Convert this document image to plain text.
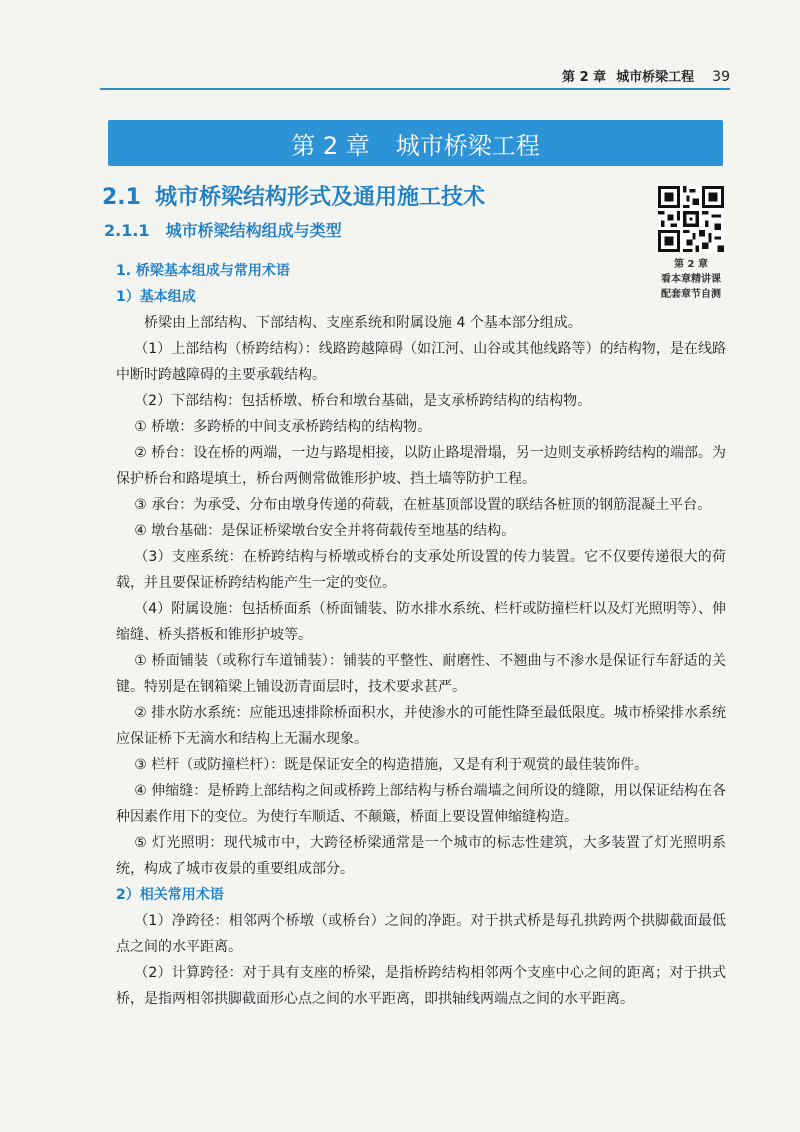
第 2 章 城市桥梁工程 39
第 2 章 城市桥梁工程
2.1 城市桥梁结构形式及通用施工技术
2.1.1 城市桥梁结构组成与类型
第 2 章
看本章精讲课
配套章节自测
1. 桥梁基本组成与常用术语
1）基本组成

桥梁由上部结构、下部结构、支座系统和附属设施 4 个基本部分组成。

（1）上部结构（桥跨结构）：线路跨越障碍（如江河、山谷或其他线路等）的结构物，是在线路中断时跨越障碍的主要承载结构。

（2）下部结构：包括桥墩、桥台和墩台基础，是支承桥跨结构的结构物。

① 桥墩：多跨桥的中间支承桥跨结构的结构物。

② 桥台：设在桥的两端，一边与路堤相接，以防止路堤滑塌，另一边则支承桥跨结构的端部。为保护桥台和路堤填土，桥台两侧常做锥形护坡、挡土墙等防护工程。

③ 承台：为承受、分布由墩身传递的荷载，在桩基顶部设置的联结各桩顶的钢筋混凝土平台。

④ 墩台基础：是保证桥梁墩台安全并将荷载传至地基的结构。

（3）支座系统：在桥跨结构与桥墩或桥台的支承处所设置的传力装置。它不仅要传递很大的荷载，并且要保证桥跨结构能产生一定的变位。

（4）附属设施：包括桥面系（桥面铺装、防水排水系统、栏杆或防撞栏杆以及灯光照明等）、伸缩缝、桥头搭板和锥形护坡等。

① 桥面铺装（或称行车道铺装）：铺装的平整性、耐磨性、不翘曲与不渗水是保证行车舒适的关键。特别是在钢箱梁上铺设沥青面层时，技术要求甚严。

② 排水防水系统：应能迅速排除桥面积水，并使渗水的可能性降至最低限度。城市桥梁排水系统应保证桥下无滴水和结构上无漏水现象。

③ 栏杆（或防撞栏杆）：既是保证安全的构造措施，又是有利于观赏的最佳装饰件。

④ 伸缩缝：是桥跨上部结构之间或桥跨上部结构与桥台端墙之间所设的缝隙，用以保证结构在各种因素作用下的变位。为使行车顺适、不颠簸，桥面上要设置伸缩缝构造。

⑤ 灯光照明：现代城市中，大跨径桥梁通常是一个城市的标志性建筑，大多装置了灯光照明系统，构成了城市夜景的重要组成部分。

2）相关常用术语

（1）净跨径：相邻两个桥墩（或桥台）之间的净距。对于拱式桥是每孔拱跨两个拱脚截面最低点之间的水平距离。

（2）计算跨径：对于具有支座的桥梁，是指桥跨结构相邻两个支座中心之间的距离；对于拱式桥，是指两相邻拱脚截面形心点之间的水平距离，即拱轴线两端点之间的水平距离。
